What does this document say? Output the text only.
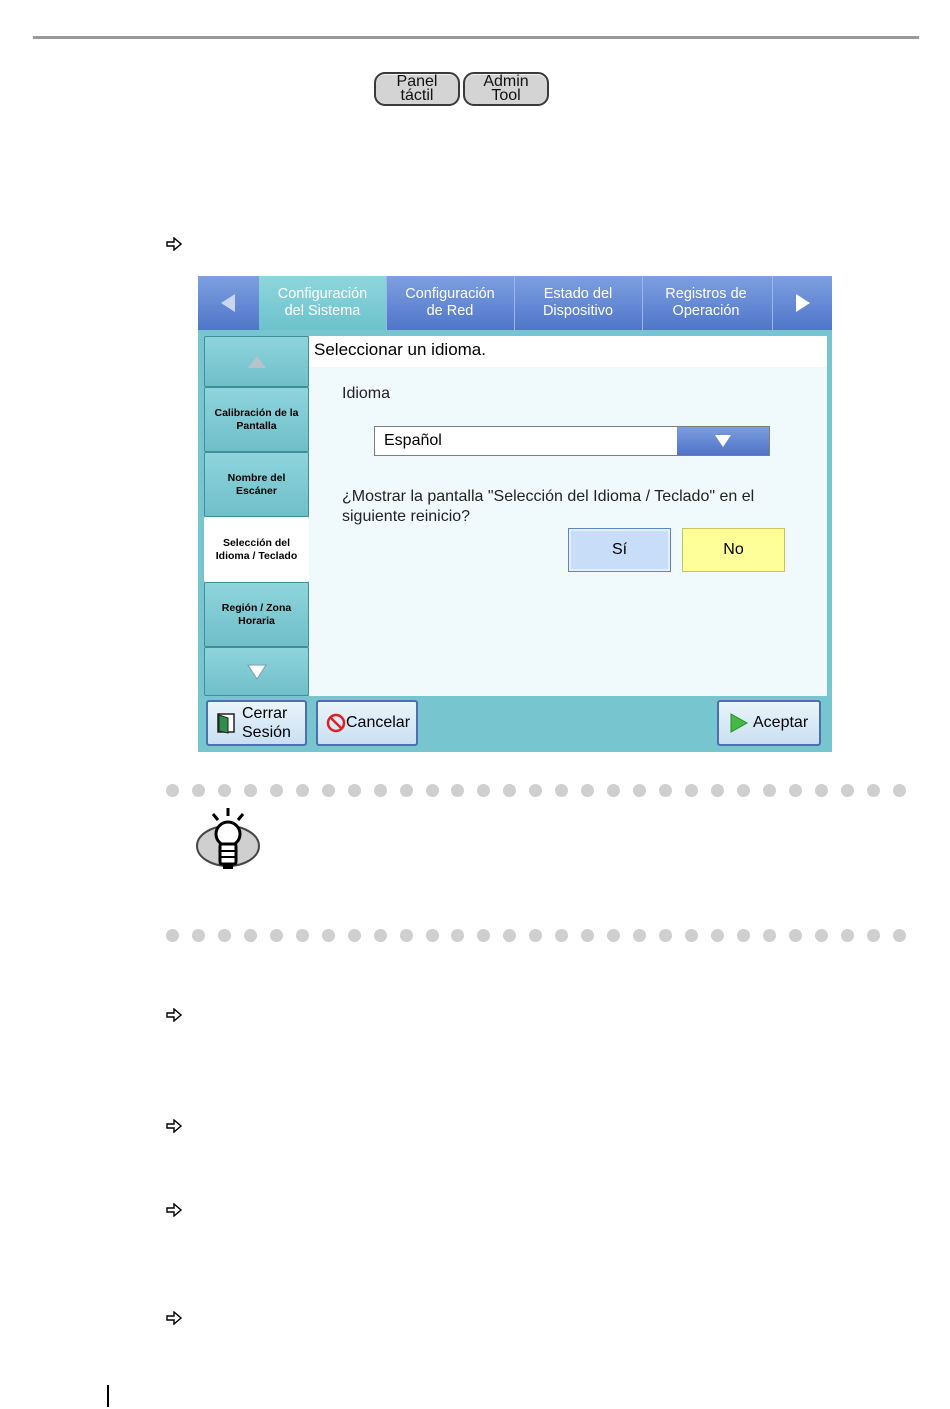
Panel
táctil
Admin
Tool
Configuración
del Sistema
Configuración
de Red
Estado del
Dispositivo
Registros de
Operación
Calibración de la
Pantalla
Nombre del
Escáner
Selección del
Idioma / Teclado
Región / Zona
Horaria
Seleccionar un idioma.
Idioma
Español
¿Mostrar la pantalla "Selección del Idioma / Teclado" en el siguiente reinicio?
Sí	No
Cerrar
Sesión
Cancelar	Aceptar
